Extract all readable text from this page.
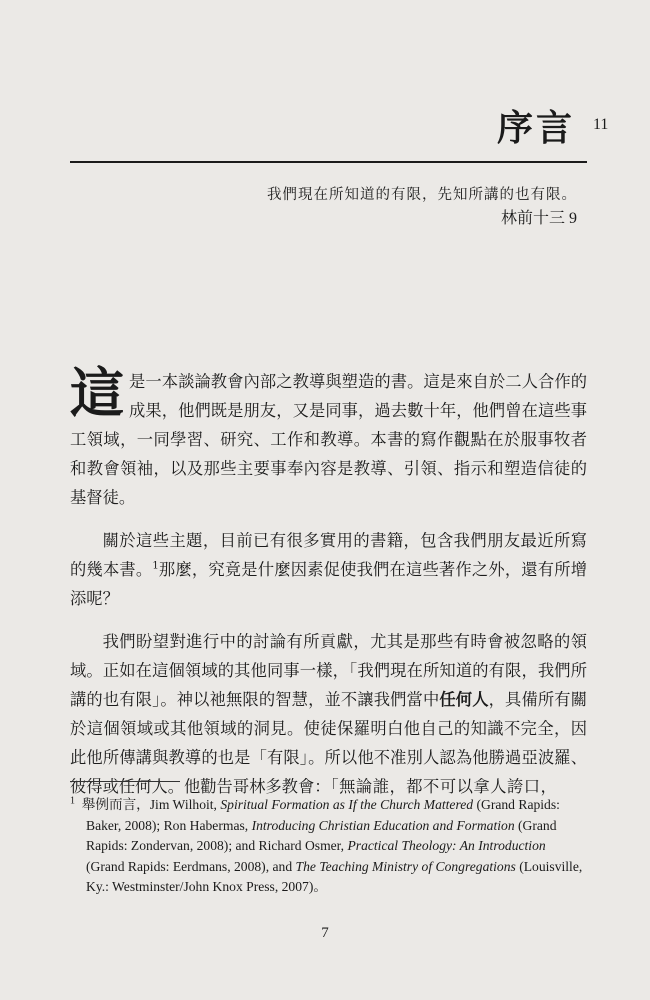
序言 11
我們現在所知道的有限，先知所講的也有限。
林前十三 9

這是一本談論教會內部之教導與塑造的書。這是來自於二人合作的成果，他們既是朋友，又是同事，過去數十年，他們曾在這些事工領域，一同學習、研究、工作和教導。本書的寫作觀點在於服事牧者和教會領袖，以及那些主要事奉內容是教導、引領、指示和塑造信徒的基督徒。

關於這些主題，目前已有很多實用的書籍，包含我們朋友最近所寫的幾本書。$^1$那麼，究竟是什麼因素促使我們在這些著作之外，還有所增添呢？

我們盼望對進行中的討論有所貢獻，尤其是那些有時會被忽略的領域。正如在這個領域的其他同事一樣，「我們現在所知道的有限，我們所講的也有限」。神以祂無限的智慧，並不讓我們當中任何人，具備所有關於這個領域或其他領域的洞見。使徒保羅明白他自己的知識不完全，因此他所傳講與教導的也是「有限」。所以他不准別人認為他勝過亞波羅、彼得或任何人。他勸告哥林多教會：「無論誰，都不可以拿人誇口，

$^1$ 舉例而言，Jim Wilhoit, Spiritual Formation as If the Church Mattered (Grand Rapids: Baker, 2008); Ron Habermas, Introducing Christian Education and Formation (Grand Rapids: Zondervan, 2008); and Richard Osmer, Practical Theology: An Introduction (Grand Rapids: Eerdmans, 2008), and The Teaching Ministry of Congregations (Louisville, Ky.: Westminster/John Knox Press, 2007)。
7
